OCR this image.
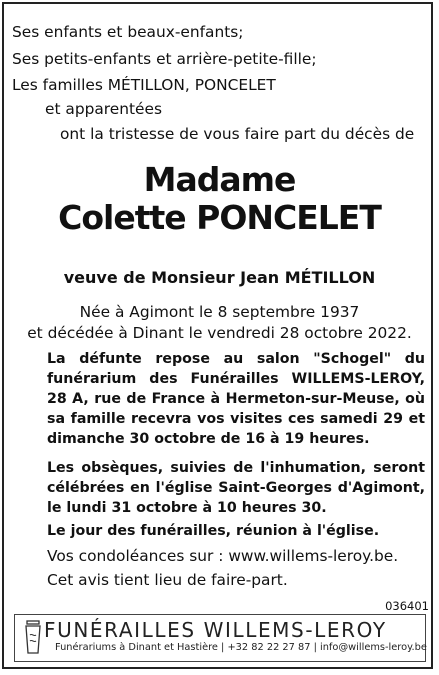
Ses enfants et beaux-enfants;
Ses petits-enfants et arrière-petite-fille;
Les familles MÉTILLON, PONCELET
et apparentées
ont la tristesse de vous faire part du décès de
Madame
Colette PONCELET
veuve de Monsieur Jean MÉTILLON
Née à Agimont le 8 septembre 1937
et décédée à Dinant le vendredi 28 octobre 2022.
La défunte repose au salon "Schogel" du funérarium des Funérailles WILLEMS-LEROY, 28 A, rue de France à Hermeton-sur-Meuse, où sa famille recevra vos visites ces samedi 29 et dimanche 30 octobre de 16 à 19 heures.
Les obsèques, suivies de l'inhumation, seront célébrées en l'église Saint-Georges d'Agimont, le lundi 31 octobre à 10 heures 30.
Le jour des funérailles, réunion à l'église.
Vos condoléances sur : www.willems-leroy.be.
Cet avis tient lieu de faire-part.
036401
FUNÉRAILLES WILLEMS-LEROY
Funérariums à Dinant et Hastière | +32 82 22 27 87 | info@willems-leroy.be
